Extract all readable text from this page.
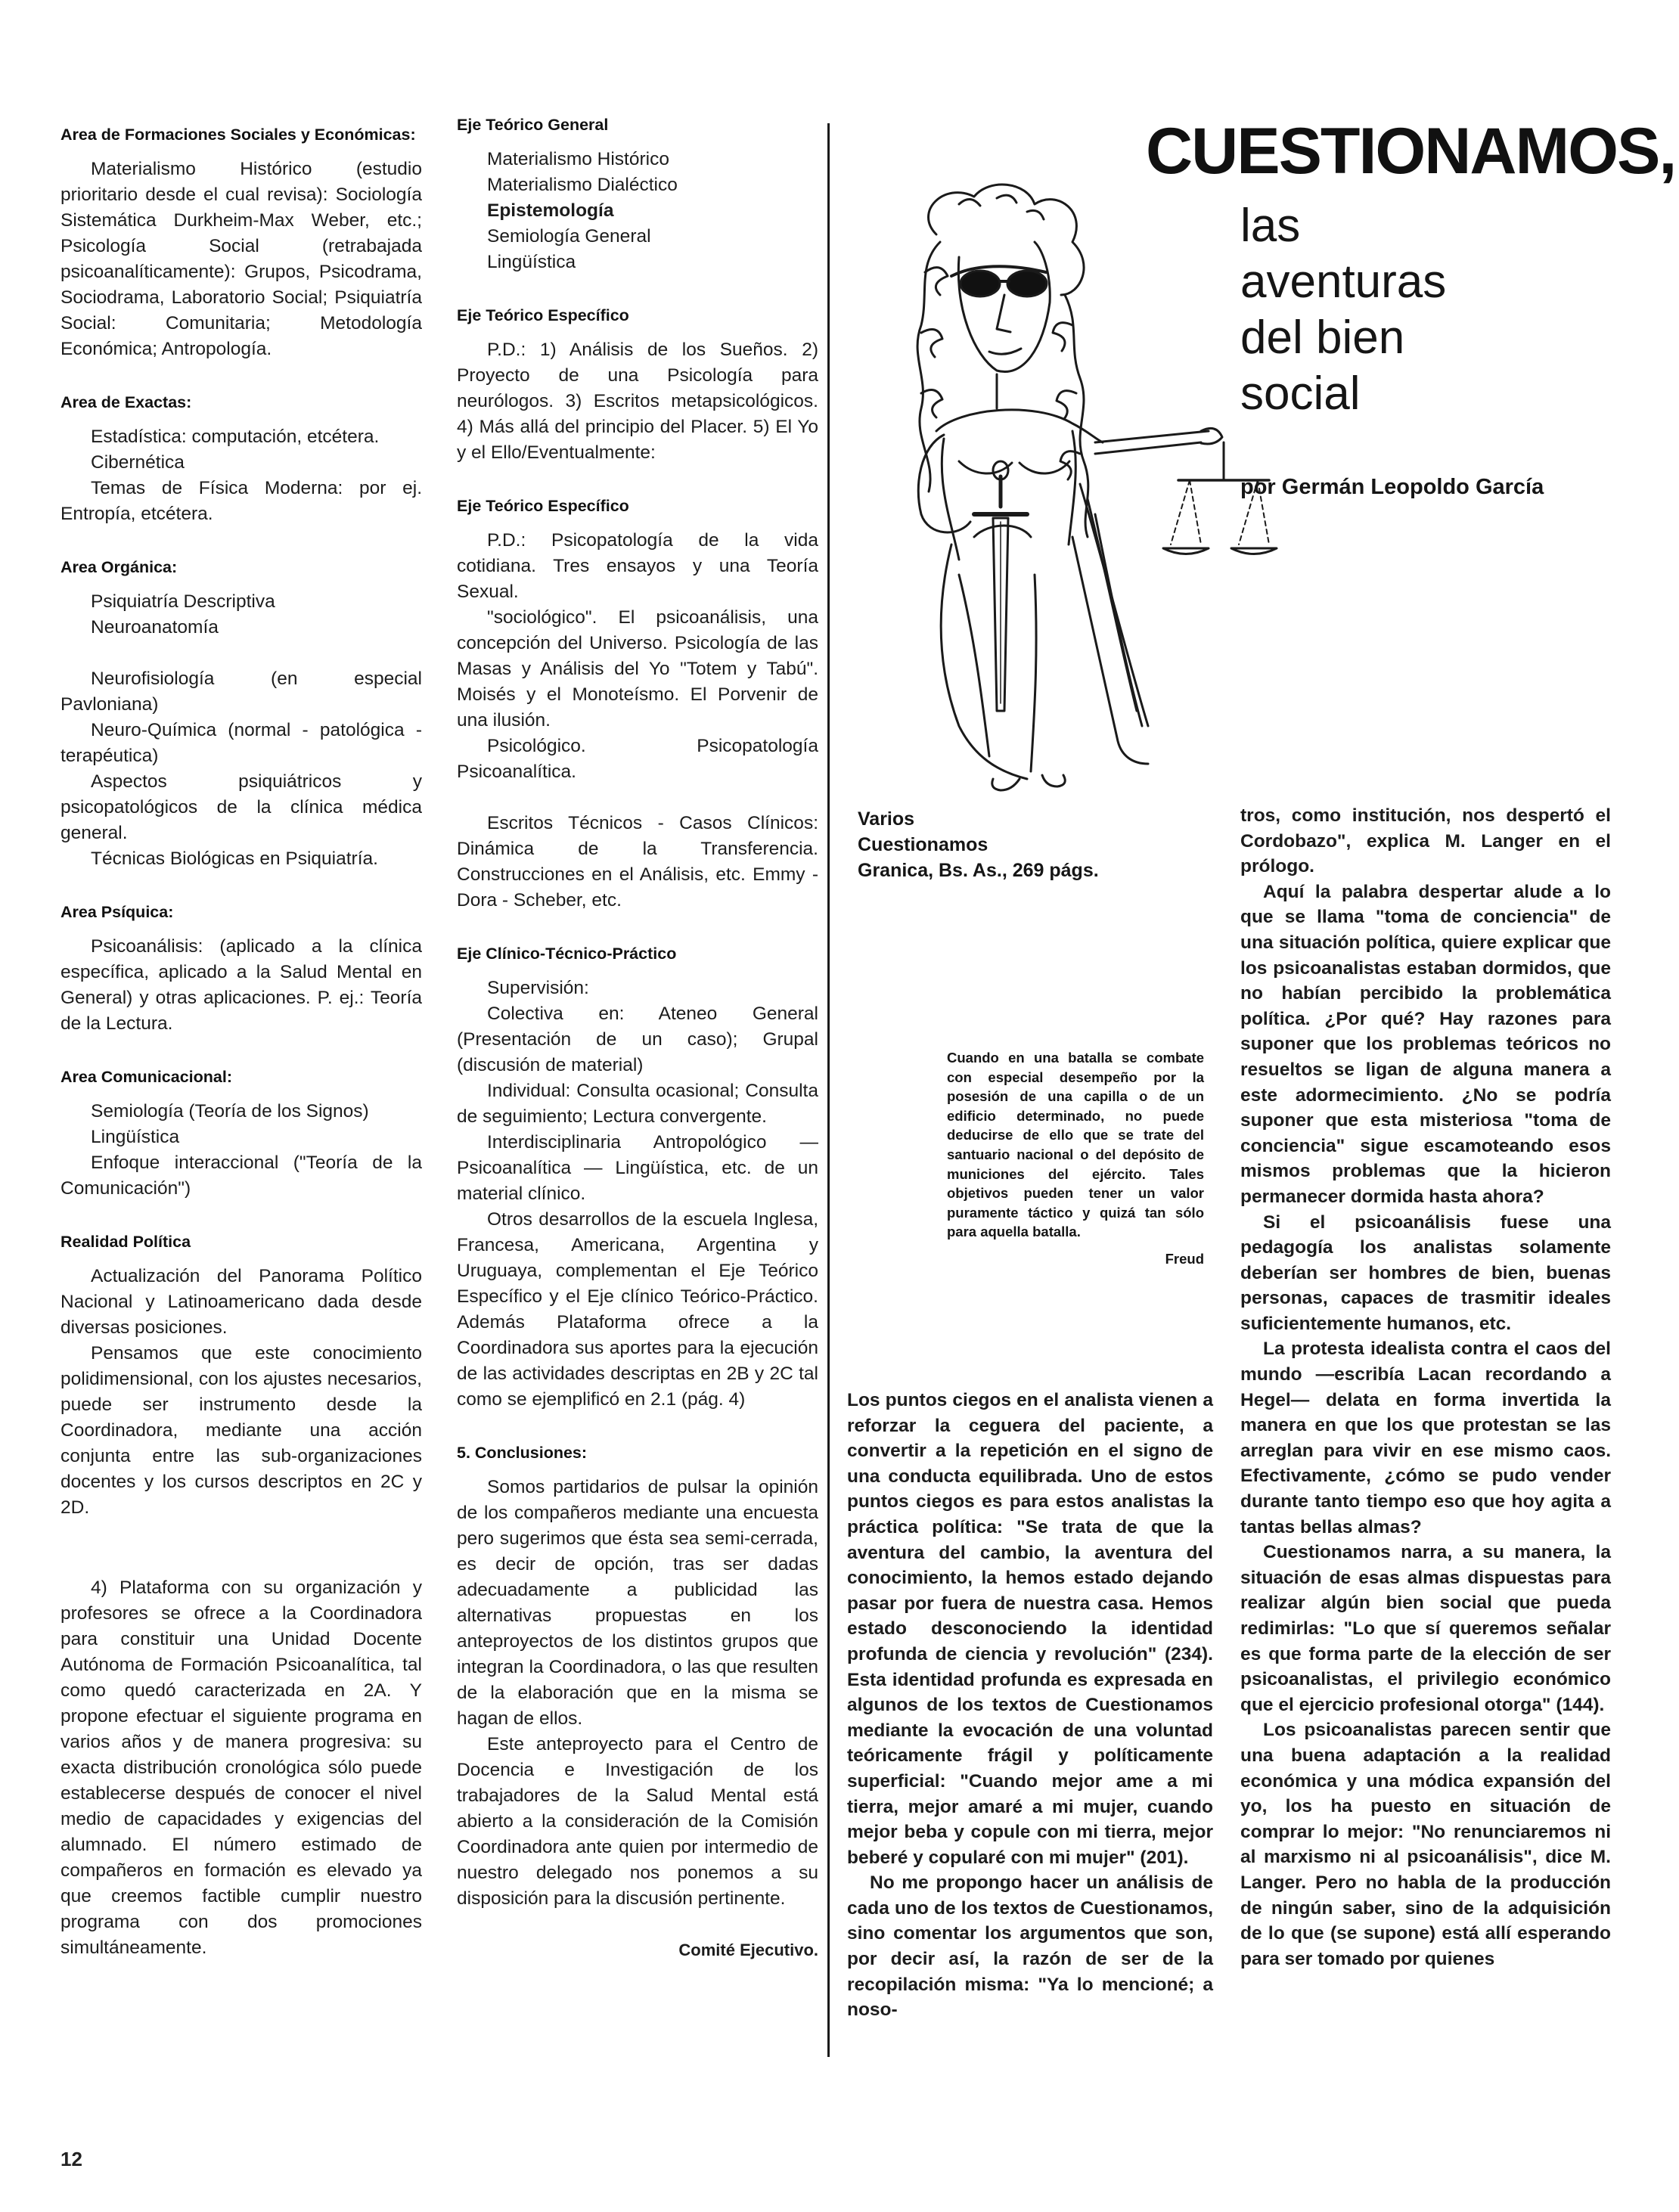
Area de Formaciones Sociales y Económicas:

Materialismo Histórico (estudio prioritario desde el cual revisa): Sociología Sistemática Durkheim-Max Weber, etc.; Psicología Social (retrabajada psicoanalíticamente): Grupos, Psicodrama, Sociodrama, Laboratorio Social; Psiquiatría Social: Comunitaria; Metodología Económica; Antropología.

Area de Exactas:

Estadística: computación, etcétera.

Cibernética

Temas de Física Moderna: por ej. Entropía, etcétera.

Area Orgánica:

Psiquiatría Descriptiva

Neuroanatomía

Neurofisiología (en especial Pavloniana)

Neuro-Química (normal - patológica - terapéutica)

Aspectos psiquiátricos y psicopatológicos de la clínica médica general.

Técnicas Biológicas en Psiquiatría.

Area Psíquica:

Psicoanálisis: (aplicado a la clínica específica, aplicado a la Salud Mental en General) y otras aplicaciones. P. ej.: Teoría de la Lectura.

Area Comunicacional:

Semiología (Teoría de los Signos)

Lingüística

Enfoque interaccional ("Teoría de la Comunicación")

Realidad Política

Actualización del Panorama Político Nacional y Latinoamericano dada desde diversas posiciones.

Pensamos que este conocimiento polidimensional, con los ajustes necesarios, puede ser instrumento desde la Coordinadora, mediante una acción conjunta entre las sub-organizaciones docentes y los cursos descriptos en 2C y 2D.

4) Plataforma con su organización y profesores se ofrece a la Coordinadora para constituir una Unidad Docente Autónoma de Formación Psicoanalítica, tal como quedó caracterizada en 2A. Y propone efectuar el siguiente programa en varios años y de manera progresiva: su exacta distribución cronológica sólo puede establecerse después de conocer el nivel medio de capacidades y exigencias del alumnado. El número estimado de compañeros en formación es elevado ya que creemos factible cumplir nuestro programa con dos promociones simultáneamente.

Eje Teórico General

Materialismo Histórico

Materialismo Dialéctico

Epistemología

Semiología General

Lingüística

Eje Teórico Específico

P.D.: 1) Análisis de los Sueños. 2) Proyecto de una Psicología para neurólogos. 3) Escritos metapsicológicos. 4) Más allá del principio del Placer. 5) El Yo y el Ello/Eventualmente:

Eje Teórico Específico

P.D.: Psicopatología de la vida cotidiana. Tres ensayos y una Teoría Sexual.

"sociológico". El psicoanálisis, una concepción del Universo. Psicología de las Masas y Análisis del Yo "Totem y Tabú". Moisés y el Monoteísmo. El Porvenir de una ilusión.

Psicológico. Psicopatología Psicoanalítica.

Escritos Técnicos - Casos Clínicos: Dinámica de la Transferencia. Construcciones en el Análisis, etc. Emmy - Dora - Scheber, etc.

Eje Clínico-Técnico-Práctico

Supervisión:

Colectiva en: Ateneo General (Presentación de un caso); Grupal (discusión de material)

Individual: Consulta ocasional; Consulta de seguimiento; Lectura convergente.

Interdisciplinaria Antropológico — Psicoanalítica — Lingüística, etc. de un material clínico.

Otros desarrollos de la escuela Inglesa, Francesa, Americana, Argentina y Uruguaya, complementan el Eje Teórico Específico y el Eje clínico Teórico-Práctico. Además Plataforma ofrece a la Coordinadora sus aportes para la ejecución de las actividades descriptas en 2B y 2C tal como se ejemplificó en 2.1 (pág. 4)

5. Conclusiones:

Somos partidarios de pulsar la opinión de los compañeros mediante una encuesta pero sugerimos que ésta sea semi-cerrada, es decir de opción, tras ser dadas adecuadamente a publicidad las alternativas propuestas en los anteproyectos de los distintos grupos que integran la Coordinadora, o las que resulten de la elaboración que en la misma se hagan de ellos.

Este anteproyecto para el Centro de Docencia e Investigación de los trabajadores de la Salud Mental está abierto a la consideración de la Comisión Coordinadora ante quien por intermedio de nuestro delegado nos ponemos a su disposición para la discusión pertinente.

Comité Ejecutivo.

CUESTIONAMOS,
las
aventuras
del bien
social
por Germán Leopoldo García
Varios
Cuestionamos
Granica, Bs. As., 269 págs.
Cuando en una batalla se combate con especial desempeño por la posesión de una capilla o de un edificio determinado, no puede deducirse de ello que se trate del santuario nacional o del depósito de municiones del ejército. Tales objetivos pueden tener un valor puramente táctico y quizá tan sólo para aquella batalla.
Freud

Los puntos ciegos en el analista vienen a reforzar la ceguera del paciente, a convertir a la repetición en el signo de una conducta equilibrada. Uno de estos puntos ciegos es para estos analistas la práctica política: "Se trata de que la aventura del cambio, la aventura del conocimiento, la hemos estado dejando pasar por fuera de nuestra casa. Hemos estado desconociendo la identidad profunda de ciencia y revolución" (234). Esta identidad profunda es expresada en algunos de los textos de Cuestionamos mediante la evocación de una voluntad teóricamente frágil y políticamente superficial: "Cuando mejor ame a mi tierra, mejor amaré a mi mujer, cuando mejor beba y copule con mi tierra, mejor beberé y copularé con mi mujer" (201).

No me propongo hacer un análisis de cada uno de los textos de Cuestionamos, sino comentar los argumentos que son, por decir así, la razón de ser de la recopilación misma: "Ya lo mencioné; a noso-

tros, como institución, nos despertó el Cordobazo", explica M. Langer en el prólogo.

Aquí la palabra despertar alude a lo que se llama "toma de conciencia" de una situación política, quiere explicar que los psicoanalistas estaban dormidos, que no habían percibido la problemática política. ¿Por qué? Hay razones para suponer que los problemas teóricos no resueltos se ligan de alguna manera a este adormecimiento. ¿No se podría suponer que esta misteriosa "toma de conciencia" sigue escamoteando esos mismos problemas que la hicieron permanecer dormida hasta ahora?

Si el psicoanálisis fuese una pedagogía los analistas solamente deberían ser hombres de bien, buenas personas, capaces de trasmitir ideales suficientemente humanos, etc.

La protesta idealista contra el caos del mundo —escribía Lacan recordando a Hegel— delata en forma invertida la manera en que los que protestan se las arreglan para vivir en ese mismo caos. Efectivamente, ¿cómo se pudo vender durante tanto tiempo eso que hoy agita a tantas bellas almas?

Cuestionamos narra, a su manera, la situación de esas almas dispuestas para realizar algún bien social que pueda redimirlas: "Lo que sí queremos señalar es que forma parte de la elección de ser psicoanalistas, el privilegio económico que el ejercicio profesional otorga" (144).

Los psicoanalistas parecen sentir que una buena adaptación a la realidad económica y una módica expansión del yo, los ha puesto en situación de comprar lo mejor: "No renunciaremos ni al marxismo ni al psicoanálisis", dice M. Langer. Pero no habla de la producción de ningún saber, sino de la adquisición de lo que (se supone) está allí esperando para ser tomado por quienes

12
